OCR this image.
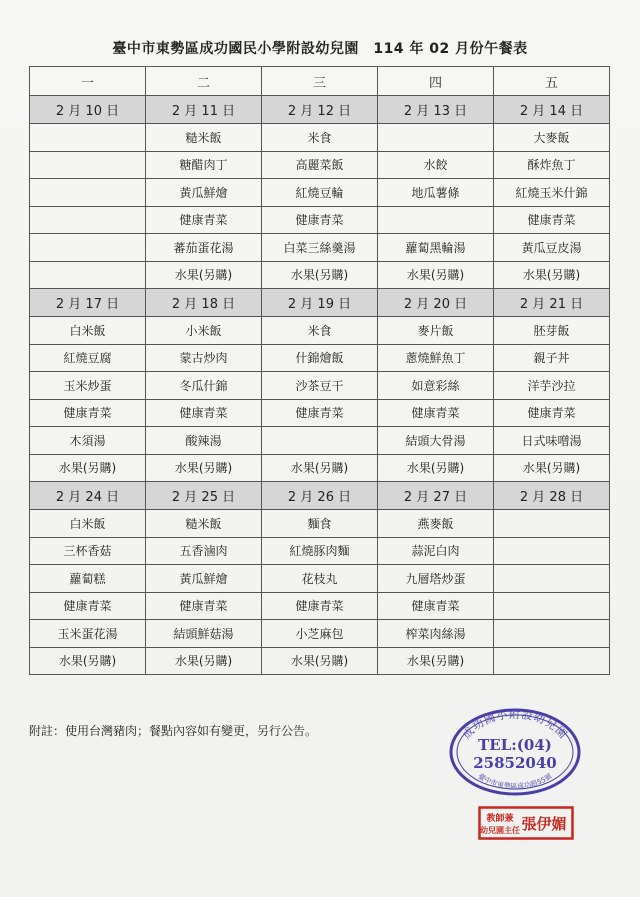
臺中市東勢區成功國民小學附設幼兒園　114 年 02 月份午餐表
一	二	三	四	五
2 月 10 日	2 月 11 日	2 月 12 日	2 月 13 日	2 月 14 日
	糙米飯	米食		大麥飯
	糖醋肉丁	高麗菜飯	水餃	酥炸魚丁
	黃瓜鮮燴	紅燒豆輪	地瓜薯條	紅燒玉米什錦
	健康青菜	健康青菜		健康青菜
	蕃茄蛋花湯	白菜三絲羹湯	蘿蔔黑輪湯	黃瓜豆皮湯
	水果(另購)	水果(另購)	水果(另購)	水果(另購)
2 月 17 日	2 月 18 日	2 月 19 日	2 月 20 日	2 月 21 日
白米飯	小米飯	米食	麥片飯	胚芽飯
紅燒豆腐	蒙古炒肉	什錦燴飯	蔥燒鮮魚丁	親子丼
玉米炒蛋	冬瓜什錦	沙茶豆干	如意彩絲	洋芋沙拉
健康青菜	健康青菜	健康青菜	健康青菜	健康青菜
木須湯	酸辣湯		結頭大骨湯	日式味噌湯
水果(另購)	水果(另購)	水果(另購)	水果(另購)	水果(另購)
2 月 24 日	2 月 25 日	2 月 26 日	2 月 27 日	2 月 28 日
白米飯	糙米飯	麵食	燕麥飯	
三杯香菇	五香滷肉	紅燒豚肉麵	蒜泥白肉	
蘿蔔糕	黃瓜鮮燴	花枝丸	九層塔炒蛋	
健康青菜	健康青菜	健康青菜	健康青菜	
玉米蛋花湯	結頭鮮菇湯	小芝麻包	榨菜肉絲湯	
水果(另購)	水果(另購)	水果(另購)	水果(另購)	
附註：使用台灣豬肉；餐點內容如有變更，另行公告。	成功國小附設幼兒園
TEL:(04)
25852040
臺中市東勢區成功路55號
教師兼
幼兒園主任 張伊媚
